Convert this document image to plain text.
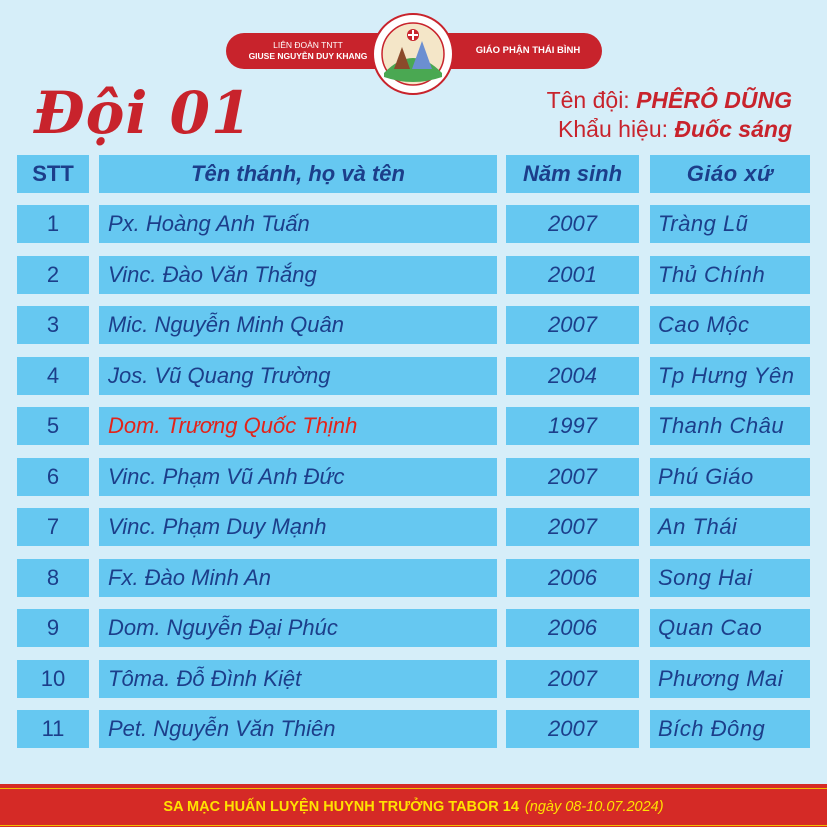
LIÊN ĐOÀN TNTT
GIUSE NGUYỄN DUY KHANG	GIÁO PHẬN THÁI BÌNH
Đội 01	Tên đội: PHÊRÔ DŨNG
Khẩu hiệu: Đuốc sáng
STT	Tên thánh, họ và tên	Năm sinh	Giáo xứ
1	Px. Hoàng Anh Tuấn	2007	Tràng Lũ
2	Vinc. Đào Văn Thắng	2001	Thủ Chính
3	Mic. Nguyễn Minh Quân	2007	Cao Mộc
4	Jos. Vũ Quang Trường	2004	Tp Hưng Yên
5	Dom. Trương Quốc Thịnh	1997	Thanh Châu
6	Vinc. Phạm Vũ Anh Đức	2007	Phú Giáo
7	Vinc. Phạm Duy Mạnh	2007	An Thái
8	Fx. Đào Minh An	2006	Song Hai
9	Dom. Nguyễn Đại Phúc	2006	Quan Cao
10	Tôma. Đỗ Đình Kiệt	2007	Phương Mai
11	Pet. Nguyễn Văn Thiên	2007	Bích Đông
SA MẠC HUẤN LUYỆN HUYNH TRƯỞNG TABOR 14 (ngày 08-10.07.2024)
